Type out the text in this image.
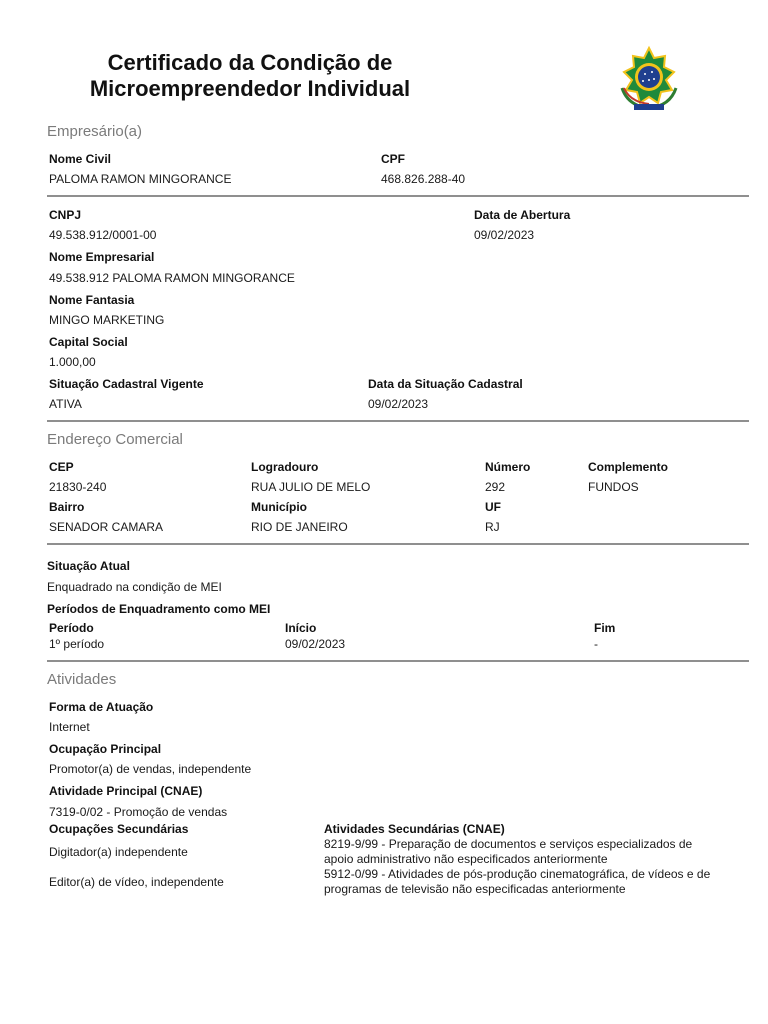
Certificado da Condição de
Microempreendedor Individual
Empresário(a)
Nome Civil
PALOMA RAMON MINGORANCE
CPF
468.826.288-40
CNPJ
49.538.912/0001-00
Data de Abertura
09/02/2023
Nome Empresarial
49.538.912 PALOMA RAMON MINGORANCE
Nome Fantasia
MINGO MARKETING
Capital Social
1.000,00
Situação Cadastral Vigente
ATIVA
Data da Situação Cadastral
09/02/2023
Endereço Comercial
CEP
21830-240
Logradouro
RUA JULIO DE MELO
Número
292
Complemento
FUNDOS
Bairro
SENADOR CAMARA
Município
RIO DE JANEIRO
UF
RJ
Situação Atual
Enquadrado na condição de MEI
Períodos de Enquadramento como MEI
Período	Início	Fim
1º período	09/02/2023	-
Atividades
Forma de Atuação
Internet
Ocupação Principal
Promotor(a) de vendas, independente
Atividade Principal (CNAE)
7319-0/02 - Promoção de vendas
Ocupações Secundárias
Digitador(a) independente
Editor(a) de vídeo, independente
Atividades Secundárias (CNAE)
8219-9/99 - Preparação de documentos e serviços especializados de apoio administrativo não especificados anteriormente
5912-0/99 - Atividades de pós-produção cinematográfica, de vídeos e de programas de televisão não especificadas anteriormente
